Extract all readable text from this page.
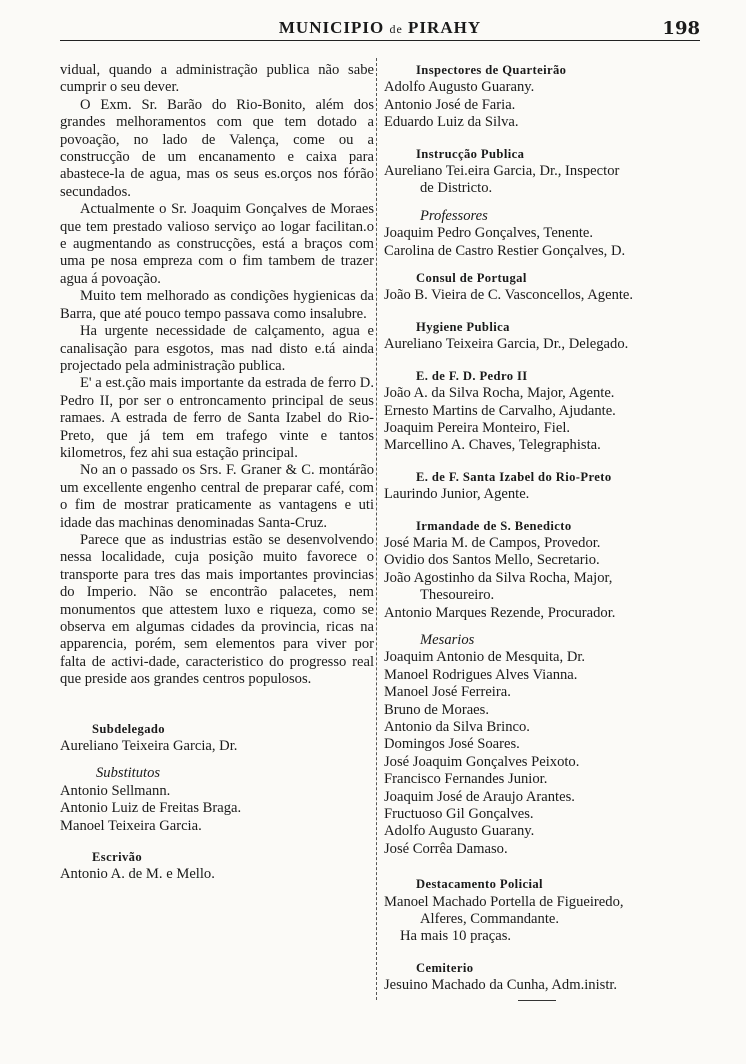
MUNICIPIO de PIRAHY	198

vidual, quando a administração publica não sabe cumprir o seu dever.

O Exm. Sr. Barão do Rio-Bonito, além dos grandes melhoramentos com que tem dotado a povoação, no lado de Valença, come ou a construcção de um encanamento e caixa para abastece-la de agua, mas os seus es.orços nos fórão secundados.

Actualmente o Sr. Joaquim Gonçalves de Moraes que tem prestado valioso serviço ao logar facilitan.o e augmentando as construcções, está a braços com uma pe nosa empreza com o fim tambem de trazer agua á povoação.

Muito tem melhorado as condições hygienicas da Barra, que até pouco tempo passava como insalubre.

Ha urgente necessidade de calçamento, agua e canalisação para esgotos, mas nad disto e.tá ainda projectado pela administração publica.

E' a est.ção mais importante da estrada de ferro D. Pedro II, por ser o entroncamento principal de seus ramaes. A estrada de ferro de Santa Izabel do Rio-Preto, que já tem em trafego vinte e tantos kilometros, fez ahi sua estação principal.

No an o passado os Srs. F. Graner & C. montárão um excellente engenho central de preparar café, com o fim de mostrar praticamente as vantagens e uti idade das machinas denominadas Santa-Cruz.

Parece que as industrias estão se desenvolvendo nessa localidade, cuja posição muito favorece o transporte para tres das mais importantes provincias do Imperio. Não se encontrão palacetes, nem monumentos que attestem luxo e riqueza, como se observa em algumas cidades da provincia, ricas na apparencia, porém, sem elementos para viver por falta de activi-dade, caracteristico do progresso real que preside aos grandes centros populosos.

Subdelegado

Aureliano Teixeira Garcia, Dr.

Substitutos

Antonio Sellmann.

Antonio Luiz de Freitas Braga.

Manoel Teixeira Garcia.

Escrivão

Antonio A. de M. e Mello.

Inspectores de Quarteirão

Adolfo Augusto Guarany.

Antonio José de Faria.

Eduardo Luiz da Silva.

Instrucção Publica

Aureliano Tei.eira Garcia, Dr., Inspector

de Districto.

Professores

Joaquim Pedro Gonçalves, Tenente.

Carolina de Castro Restier Gonçalves, D.

Consul de Portugal

João B. Vieira de C. Vasconcellos, Agente.

Hygiene Publica

Aureliano Teixeira Garcia, Dr., Delegado.

E. de F. D. Pedro II

João A. da Silva Rocha, Major, Agente.

Ernesto Martins de Carvalho, Ajudante.

Joaquim Pereira Monteiro, Fiel.

Marcellino A. Chaves, Telegraphista.

E. de F. Santa Izabel do Rio-Preto

Laurindo Junior, Agente.

Irmandade de S. Benedicto

José Maria M. de Campos, Provedor.

Ovidio dos Santos Mello, Secretario.

João Agostinho da Silva Rocha, Major,

Thesoureiro.

Antonio Marques Rezende, Procurador.

Mesarios

Joaquim Antonio de Mesquita, Dr.

Manoel Rodrigues Alves Vianna.

Manoel José Ferreira.

Bruno de Moraes.

Antonio da Silva Brinco.

Domingos José Soares.

José Joaquim Gonçalves Peixoto.

Francisco Fernandes Junior.

Joaquim José de Araujo Arantes.

Fructuoso Gil Gonçalves.

Adolfo Augusto Guarany.

José Corrêa Damaso.

Destacamento Policial

Manoel Machado Portella de Figueiredo,

Alferes, Commandante.

Ha mais 10 praças.

Cemiterio

Jesuino Machado da Cunha, Adm.inistr.
